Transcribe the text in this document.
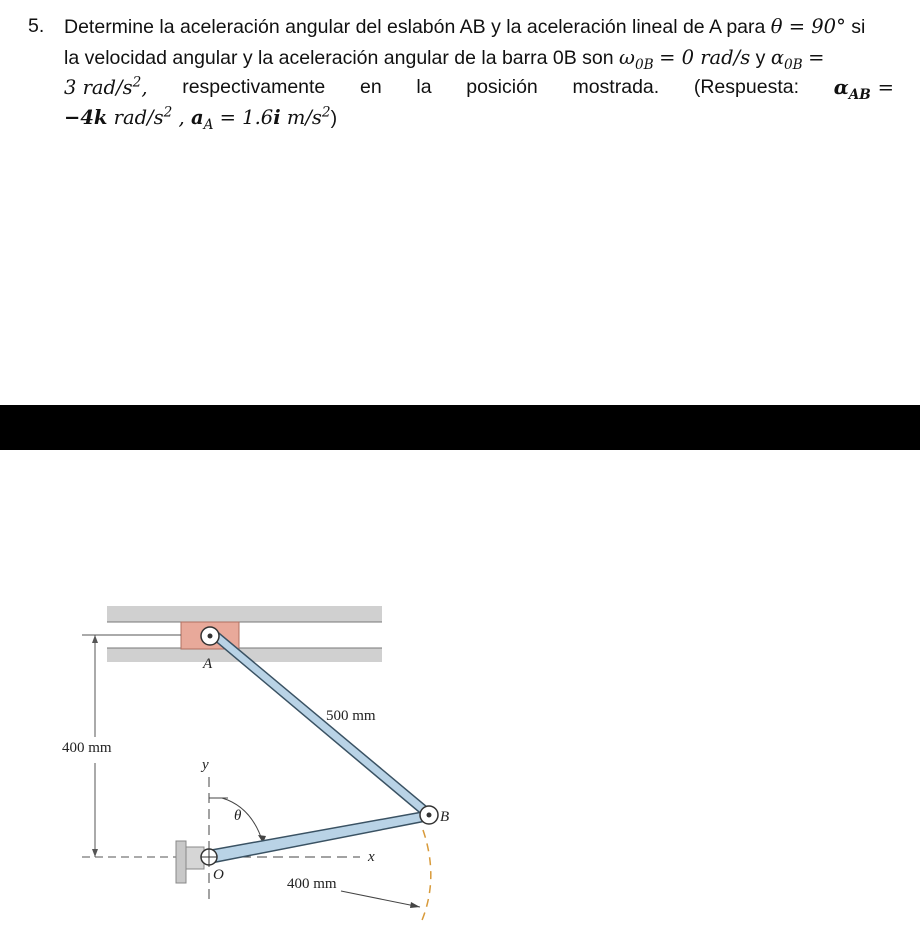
5. Determine la aceleración angular del eslabón AB y la aceleración lineal de A para θ = 90° si
la velocidad angular y la aceleración angular de la barra 0B son $\omega_{0B} = 0$ rad/s y $\alpha_{0B}$ =
3 rad/$s^2$, respectivamente en la posición mostrada. (Respuesta: $\alpha_{AB}$ =
−4k rad/$s^2$ , $a_A = 1.6i$ $m/s^2$)
400 mm
y
x
θ
A
B
O
500 mm
400 mm
